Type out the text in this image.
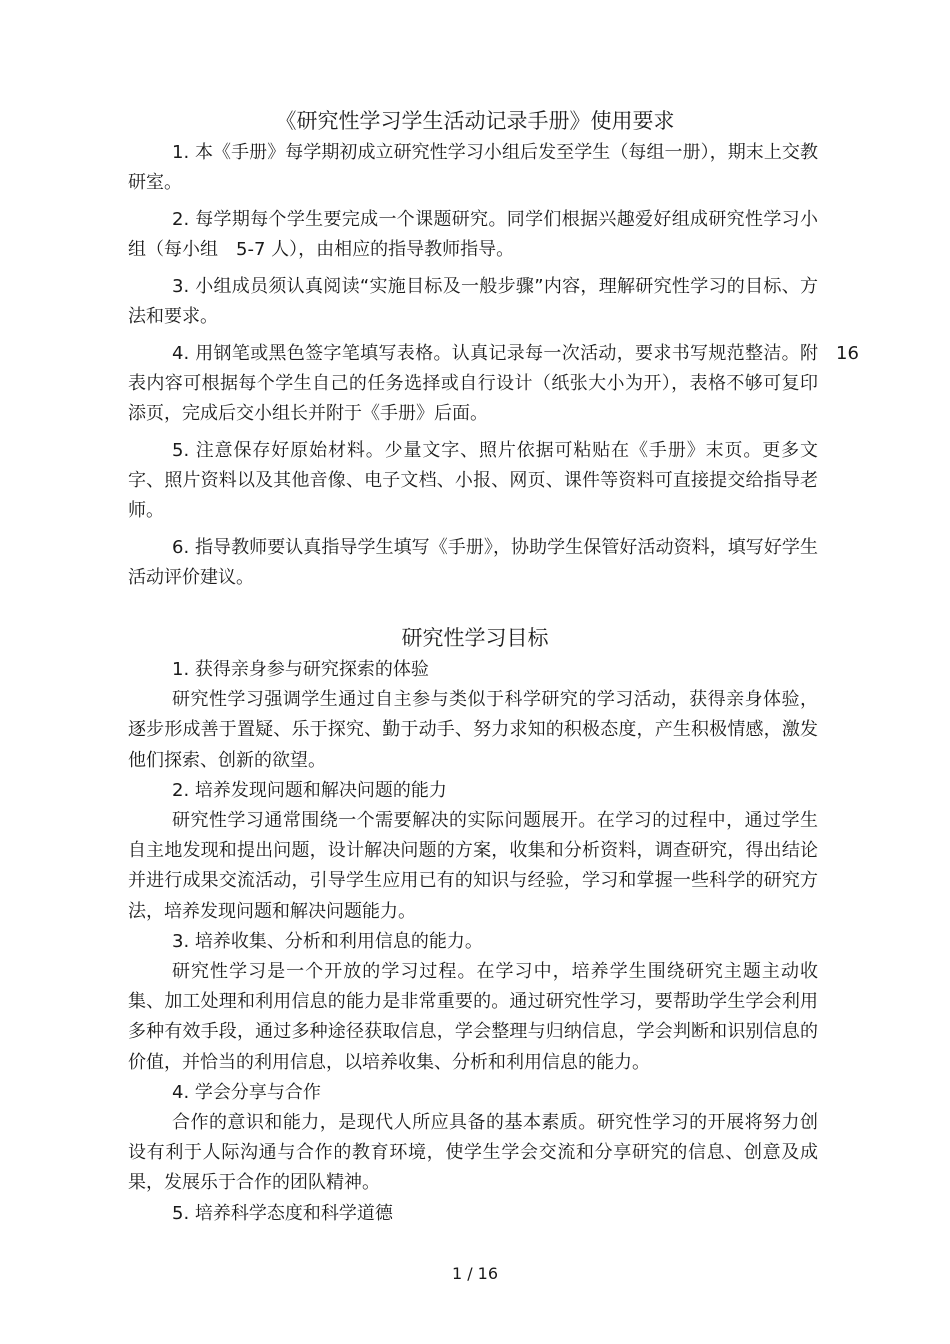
《研究性学习学生活动记录手册》使用要求

1. 本《手册》每学期初成立研究性学习小组后发至学生（每组一册），期末上交教研室。

2. 每学期每个学生要完成一个课题研究。同学们根据兴趣爱好组成研究性学习小组（每小组　5-7 人），由相应的指导教师指导。

3. 小组成员须认真阅读“实施目标及一般步骤”内容，理解研究性学习的目标、方法和要求。

4. 用钢笔或黑色签字笔填写表格。认真记录每一次活动，要求书写规范整洁。附表内容可根据每个学生自己的任务选择或自行设计（纸张大小为开），表格不够可复印添页，完成后交小组长并附于《手册》后面。

5. 注意保存好原始材料。少量文字、照片依据可粘贴在《手册》末页。更多文字、照片资料以及其他音像、电子文档、小报、网页、课件等资料可直接提交给指导老师。

6. 指导教师要认真指导学生填写《手册》，协助学生保管好活动资料，填写好学生活动评价建议。

16
研究性学习目标

1. 获得亲身参与研究探索的体验

研究性学习强调学生通过自主参与类似于科学研究的学习活动，获得亲身体验，逐步形成善于置疑、乐于探究、勤于动手、努力求知的积极态度，产生积极情感，激发他们探索、创新的欲望。

2. 培养发现问题和解决问题的能力

研究性学习通常围绕一个需要解决的实际问题展开。在学习的过程中，通过学生自主地发现和提出问题，设计解决问题的方案，收集和分析资料，调查研究，得出结论并进行成果交流活动，引导学生应用已有的知识与经验，学习和掌握一些科学的研究方法，培养发现问题和解决问题能力。

3. 培养收集、分析和利用信息的能力。

研究性学习是一个开放的学习过程。在学习中，培养学生围绕研究主题主动收集、加工处理和利用信息的能力是非常重要的。通过研究性学习，要帮助学生学会利用多种有效手段，通过多种途径获取信息，学会整理与归纳信息，学会判断和识别信息的价值，并恰当的利用信息，以培养收集、分析和利用信息的能力。

4. 学会分享与合作

合作的意识和能力，是现代人所应具备的基本素质。研究性学习的开展将努力创设有利于人际沟通与合作的教育环境，使学生学会交流和分享研究的信息、创意及成果，发展乐于合作的团队精神。

5. 培养科学态度和科学道德

1 / 16
